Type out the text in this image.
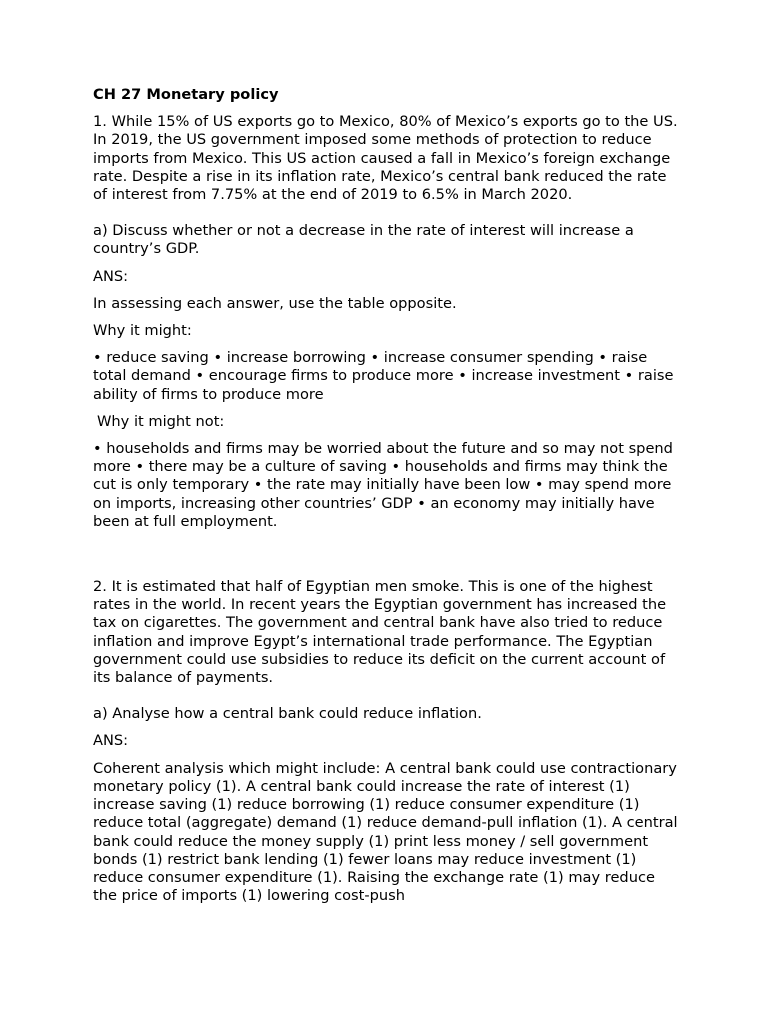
CH 27 Monetary policy

1. While 15% of US exports go to Mexico, 80% of Mexico’s exports go to the US. In 2019, the US government imposed some methods of protection to reduce imports from Mexico. This US action caused a fall in Mexico’s foreign exchange rate. Despite a rise in its inflation rate, Mexico’s central bank reduced the rate of interest from 7.75% at the end of 2019 to 6.5% in March 2020.

a) Discuss whether or not a decrease in the rate of interest will increase a country’s GDP.

ANS:

In assessing each answer, use the table opposite.

Why it might:

• reduce saving • increase borrowing • increase consumer spending • raise total demand • encourage firms to produce more • increase investment • raise ability of firms to produce more

Why it might not:

• households and firms may be worried about the future and so may not spend more • there may be a culture of saving • households and firms may think the cut is only temporary • the rate may initially have been low • may spend more on imports, increasing other countries’ GDP • an economy may initially have been at full employment.

2. It is estimated that half of Egyptian men smoke. This is one of the highest rates in the world. In recent years the Egyptian government has increased the tax on cigarettes. The government and central bank have also tried to reduce inflation and improve Egypt’s international trade performance. The Egyptian government could use subsidies to reduce its deficit on the current account of its balance of payments.

a) Analyse how a central bank could reduce inflation.

ANS:

Coherent analysis which might include: A central bank could use contractionary monetary policy (1). A central bank could increase the rate of interest (1) increase saving (1) reduce borrowing (1) reduce consumer expenditure (1) reduce total (aggregate) demand (1) reduce demand-pull inflation (1). A central bank could reduce the money supply (1) print less money / sell government bonds (1) restrict bank lending (1) fewer loans may reduce investment (1) reduce consumer expenditure (1). Raising the exchange rate (1) may reduce the price of imports (1) lowering cost-push
